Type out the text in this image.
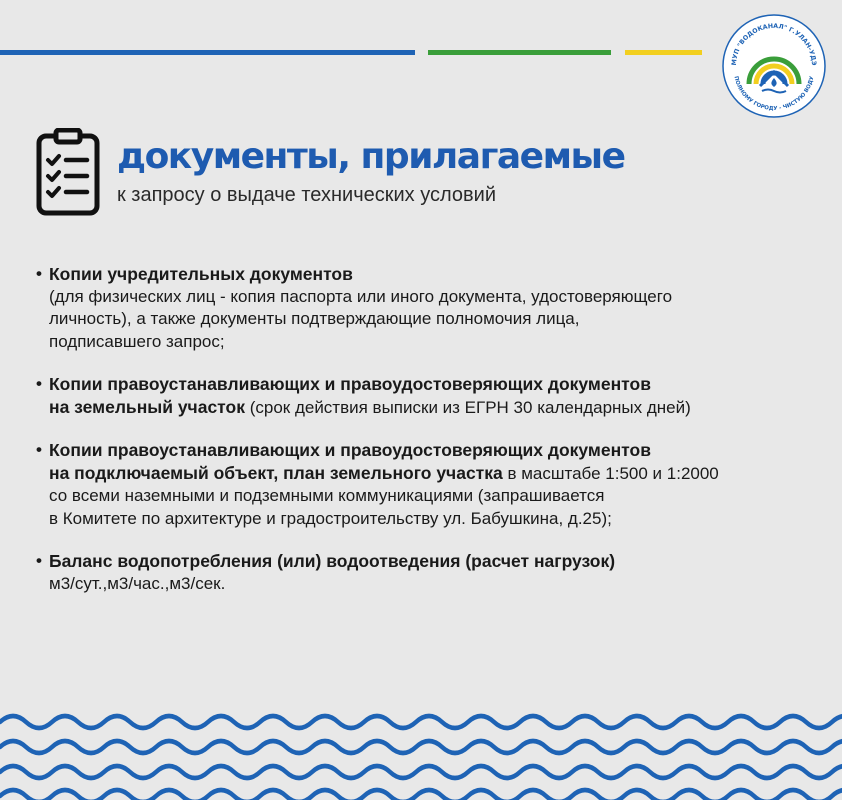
МУП "ВОДОКАНАЛ" Г.УЛАН-УДЭ
ПОЛНОМУ ГОРОДУ - ЧИСТУЮ ВОДУ
документы, прилагаемые
к запросу о выдаче технических условий
• Копии учредительных документов
(для физических лиц - копия паспорта или иного документа, удостоверяющего
личность), а также документы подтверждающие полномочия лица,
подписавшего запрос;
• Копии правоустанавливающих и правоудостоверяющих документов
на земельный участок (срок действия выписки из ЕГРН 30 календарных дней)
• Копии правоустанавливающих и правоудостоверяющих документов
на подключаемый объект, план земельного участка в масштабе 1:500 и 1:2000
со всеми наземными и подземными коммуникациями (запрашивается
в Комитете по архитектуре и градостроительству ул. Бабушкина, д.25);
• Баланс водопотребления (или) водоотведения (расчет нагрузок)
м3/сут.,м3/час.,м3/сек.
